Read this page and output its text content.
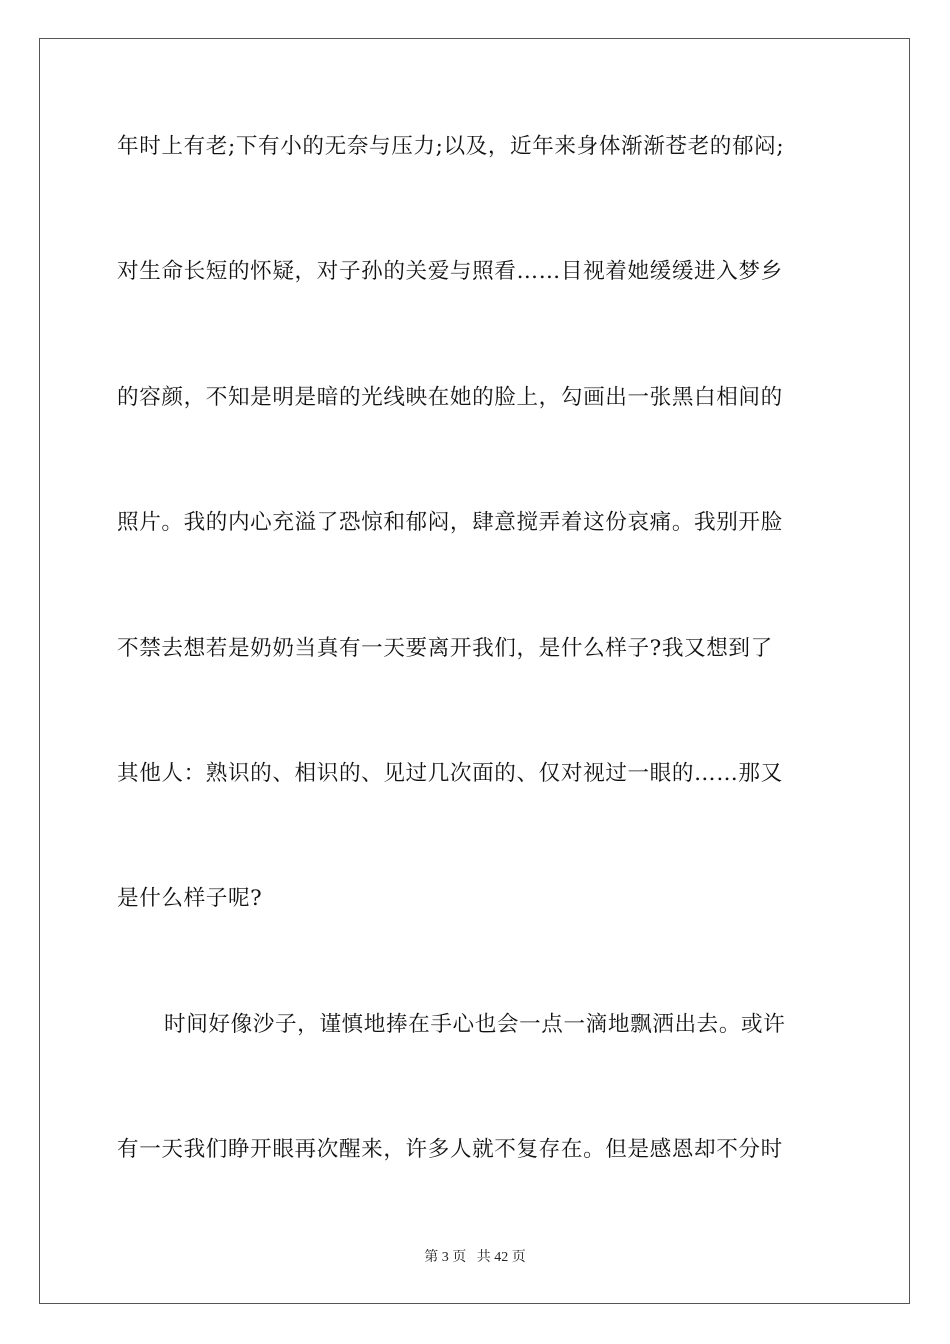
年时上有老;下有小的无奈与压力;以及，近年来身体渐渐苍老的郁闷;
对生命长短的怀疑，对子孙的关爱与照看……目视着她缓缓进入梦乡
的容颜，不知是明是暗的光线映在她的脸上，勾画出一张黑白相间的
照片。我的内心充溢了恐惊和郁闷，肆意搅弄着这份哀痛。我别开脸
不禁去想若是奶奶当真有一天要离开我们，是什么样子?我又想到了
其他人：熟识的、相识的、见过几次面的、仅对视过一眼的……那又
是什么样子呢?
时间好像沙子，谨慎地捧在手心也会一点一滴地飘洒出去。或许
有一天我们睁开眼再次醒来，许多人就不复存在。但是感恩却不分时
第 3 页 共 42 页
